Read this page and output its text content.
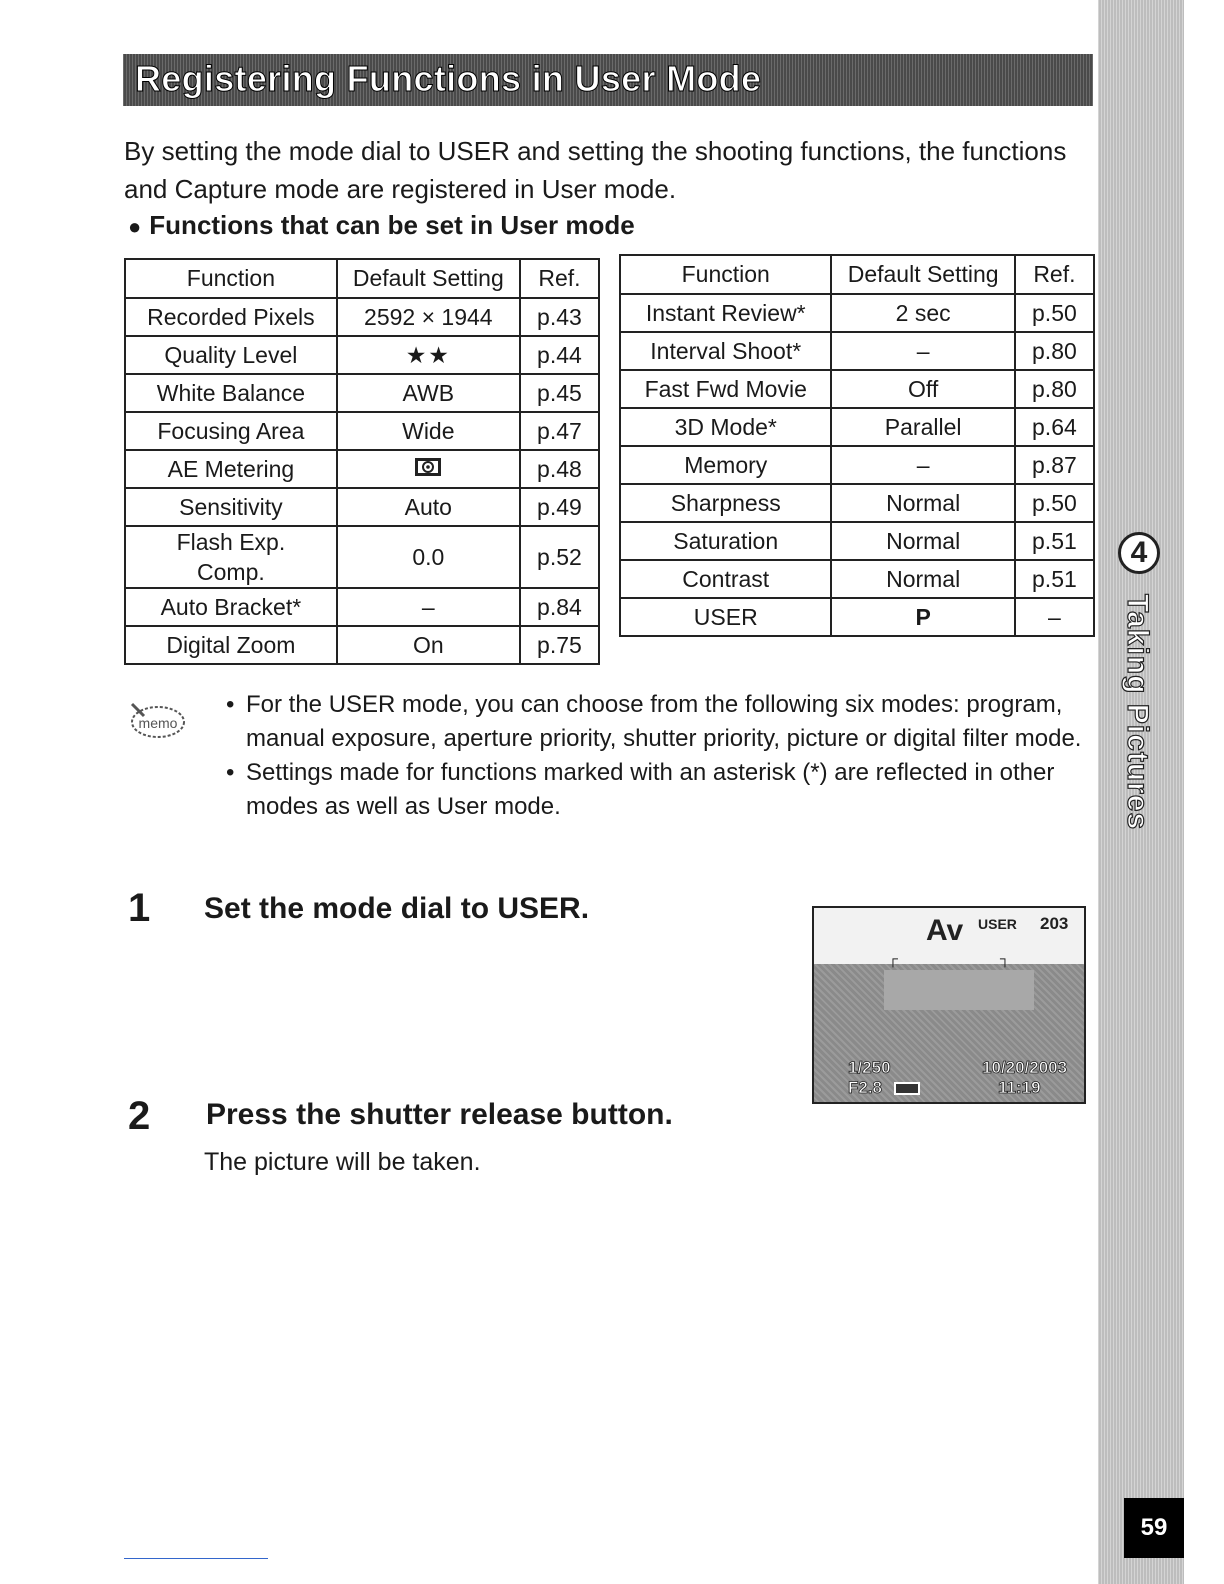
4
Taking Pictures
59
Registering Functions in User Mode

By setting the mode dial to USER and setting the shooting functions, the functions and Capture mode are registered in User mode.

● Functions that can be set in User mode
Function	Default Setting	Ref.
Recorded Pixels	2592 × 1944	p.43
Quality Level	★★	p.44
White Balance	AWB	p.45
Focusing Area	Wide	p.47
AE Metering		p.48
Sensitivity	Auto	p.49
Flash Exp. Comp.	0.0	p.52
Auto Bracket*	–	p.84
Digital Zoom	On	p.75
Function	Default Setting	Ref.
Instant Review*	2 sec	p.50
Interval Shoot*	–	p.80
Fast Fwd Movie	Off	p.80
3D Mode*	Parallel	p.64
Memory	–	p.87
Sharpness	Normal	p.50
Saturation	Normal	p.51
Contrast	Normal	p.51
USER	P	–
memo
• For the USER mode, you can choose from the following six modes: program, manual exposure, aperture priority, shutter priority, picture or digital filter mode.
• Settings made for functions marked with an asterisk (*) are reflected in other modes as well as User mode.
1 Set the mode dial to USER.
2 Press the shutter release button.
The picture will be taken.
Av USER 203
┌	┐
1/250
F2.8
10/20/2003
11:19
